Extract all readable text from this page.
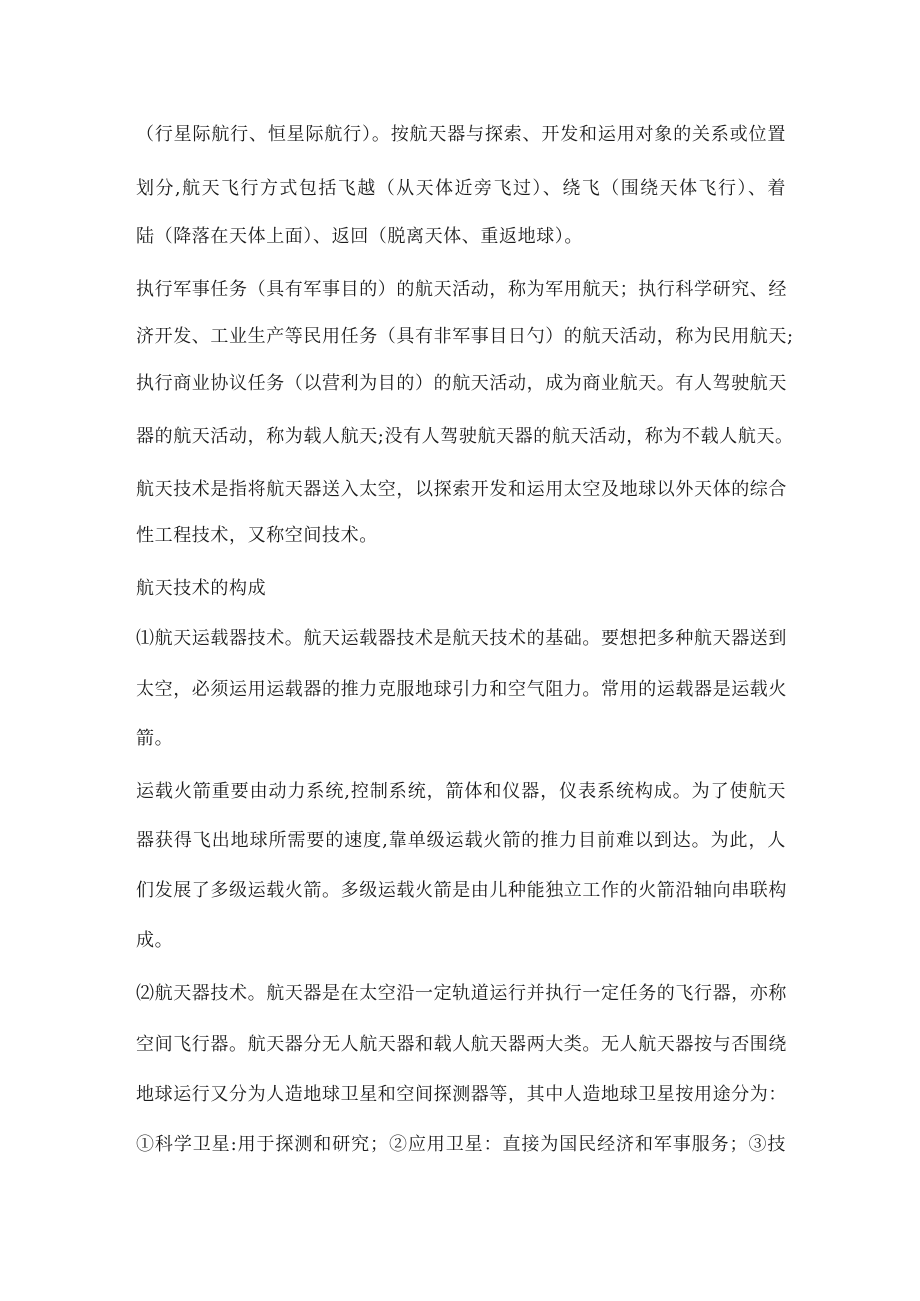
（行星际航行、恒星际航行）。按航天器与探索、开发和运用对象的关系或位置
划分,航天飞行方式包括飞越（从天体近旁飞过）、绕飞（围绕天体飞行）、着
陆（降落在天体上面）、返回（脱离天体、重返地球）。
执行军事任务（具有军事目的）的航天活动，称为军用航天；执行科学研究、经
济开发、工业生产等民用任务（具有非军事目日勺）的航天活动，称为民用航天;
执行商业协议任务（以营利为目的）的航天活动，成为商业航天。有人驾驶航天
器的航天活动，称为载人航天;没有人驾驶航天器的航天活动，称为不载人航天。
航天技术是指将航天器送入太空，以探索开发和运用太空及地球以外天体的综合
性工程技术，又称空间技术。
航天技术的构成
⑴航天运载器技术。航天运载器技术是航天技术的基础。要想把多种航天器送到
太空，必须运用运载器的推力克服地球引力和空气阻力。常用的运载器是运载火
箭。
运载火箭重要由动力系统,控制系统，箭体和仪器，仪表系统构成。为了使航天
器获得飞出地球所需要的速度,靠单级运载火箭的推力目前难以到达。为此，人
们发展了多级运载火箭。多级运载火箭是由儿种能独立工作的火箭沿轴向串联构
成。
⑵航天器技术。航天器是在太空沿一定轨道运行并执行一定任务的飞行器，亦称
空间飞行器。航天器分无人航天器和载人航天器两大类。无人航天器按与否围绕
地球运行又分为人造地球卫星和空间探测器等，其中人造地球卫星按用途分为：
①科学卫星:用于探测和研究；②应用卫星：直接为国民经济和军事服务；③技
